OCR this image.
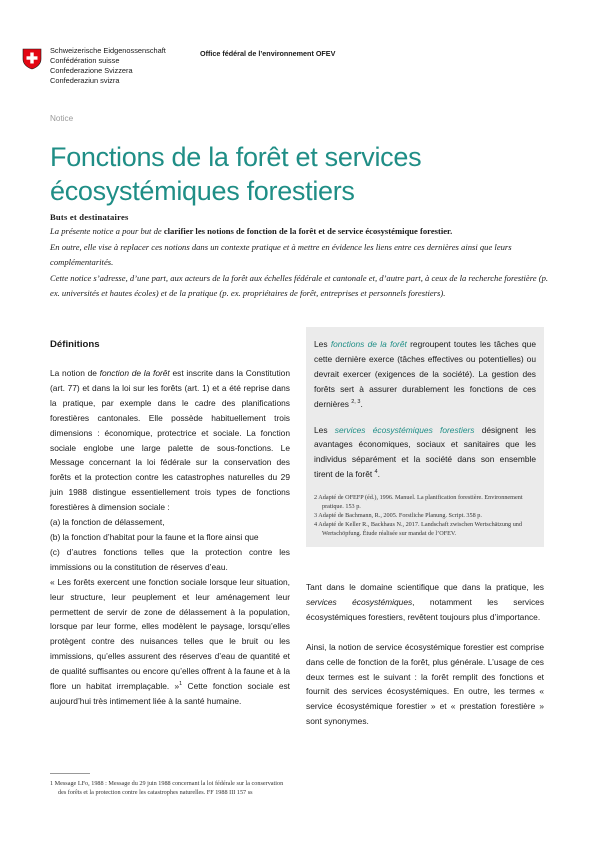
Schweizerische Eidgenossenschaft
Confédération suisse
Confederazione Svizzera
Confederaziun svizra
Office fédéral de l’environnement OFEV
Notice
Fonctions de la forêt et services écosystémiques forestiers
Buts et destinataires

La présente notice a pour but de clarifier les notions de fonction de la forêt et de service écosystémique forestier.

En outre, elle vise à replacer ces notions dans un contexte pratique et à mettre en évidence les liens entre ces dernières ainsi que leurs complémentarités.

Cette notice s’adresse, d’une part, aux acteurs de la forêt aux échelles fédérale et cantonale et, d’autre part, à ceux de la recherche forestière (p. ex. universités et hautes écoles) et de la pratique (p. ex. propriétaires de forêt, entreprises et personnels forestiers).

Définitions

La notion de fonction de la forêt est inscrite dans la Constitution (art. 77) et dans la loi sur les forêts (art. 1) et a été reprise dans la pratique, par exemple dans le cadre des planifications forestières cantonales. Elle possède habituellement trois dimensions : économique, protectrice et sociale. La fonction sociale englobe une large palette de sous-fonctions. Le Message concernant la loi fédérale sur la conservation des forêts et la protection contre les catastrophes naturelles du 29 juin 1988 distingue essentiellement trois types de fonctions forestières à dimension sociale :

(a) la fonction de délassement,

(b) la fonction d’habitat pour la faune et la flore ainsi que

(c) d’autres fonctions telles que la protection contre les immissions ou la constitution de réserves d’eau.

« Les forêts exercent une fonction sociale lorsque leur situation, leur structure, leur peuplement et leur aménagement leur permettent de servir de zone de délassement à la population, lorsque par leur forme, elles modèlent le paysage, lorsqu’elles protègent contre des nuisances telles que le bruit ou les immissions, qu’elles assurent des réserves d’eau de quantité et de qualité suffisantes ou encore qu’elles offrent à la faune et à la flore un habitat irremplaçable. »$^1$ Cette fonction sociale est aujourd’hui très intimement liée à la santé humaine.

Les fonctions de la forêt regroupent toutes les tâches que cette dernière exerce (tâches effectives ou potentielles) ou devrait exercer (exigences de la société). La gestion des forêts sert à assurer durablement les fonctions de ces dernières $^{2, 3}$.

Les services écosystémiques forestiers désignent les avantages économiques, sociaux et sanitaires que les individus séparément et la société dans son ensemble tirent de la forêt $^4$.

2 Adapté de OFEFP (éd.), 1996. Manuel. La planification forestière. Environnement pratique. 153 p.
3 Adapté de Bachmann, R., 2005. Forstliche Planung. Script. 358 p.
4 Adapté de Keller R., Backhaus N., 2017. Landschaft zwischen Wertschätzung und Wertschöpfung. Étude réalisée sur mandat de l’OFEV.

Tant dans le domaine scientifique que dans la pratique, les services écosystémiques, notamment les services écosystémiques forestiers, revêtent toujours plus d’importance.

Ainsi, la notion de service écosystémique forestier est comprise dans celle de fonction de la forêt, plus générale. L’usage de ces deux termes est le suivant : la forêt remplit des fonctions et fournit des services écosystémiques. En outre, les termes « service écosystémique forestier » et « prestation forestière » sont synonymes.

1 Message LFo, 1988 : Message du 29 juin 1988 concernant la loi fédérale sur la conservation des forêts et la protection contre les catastrophes naturelles. FF 1988 III 157 ss
